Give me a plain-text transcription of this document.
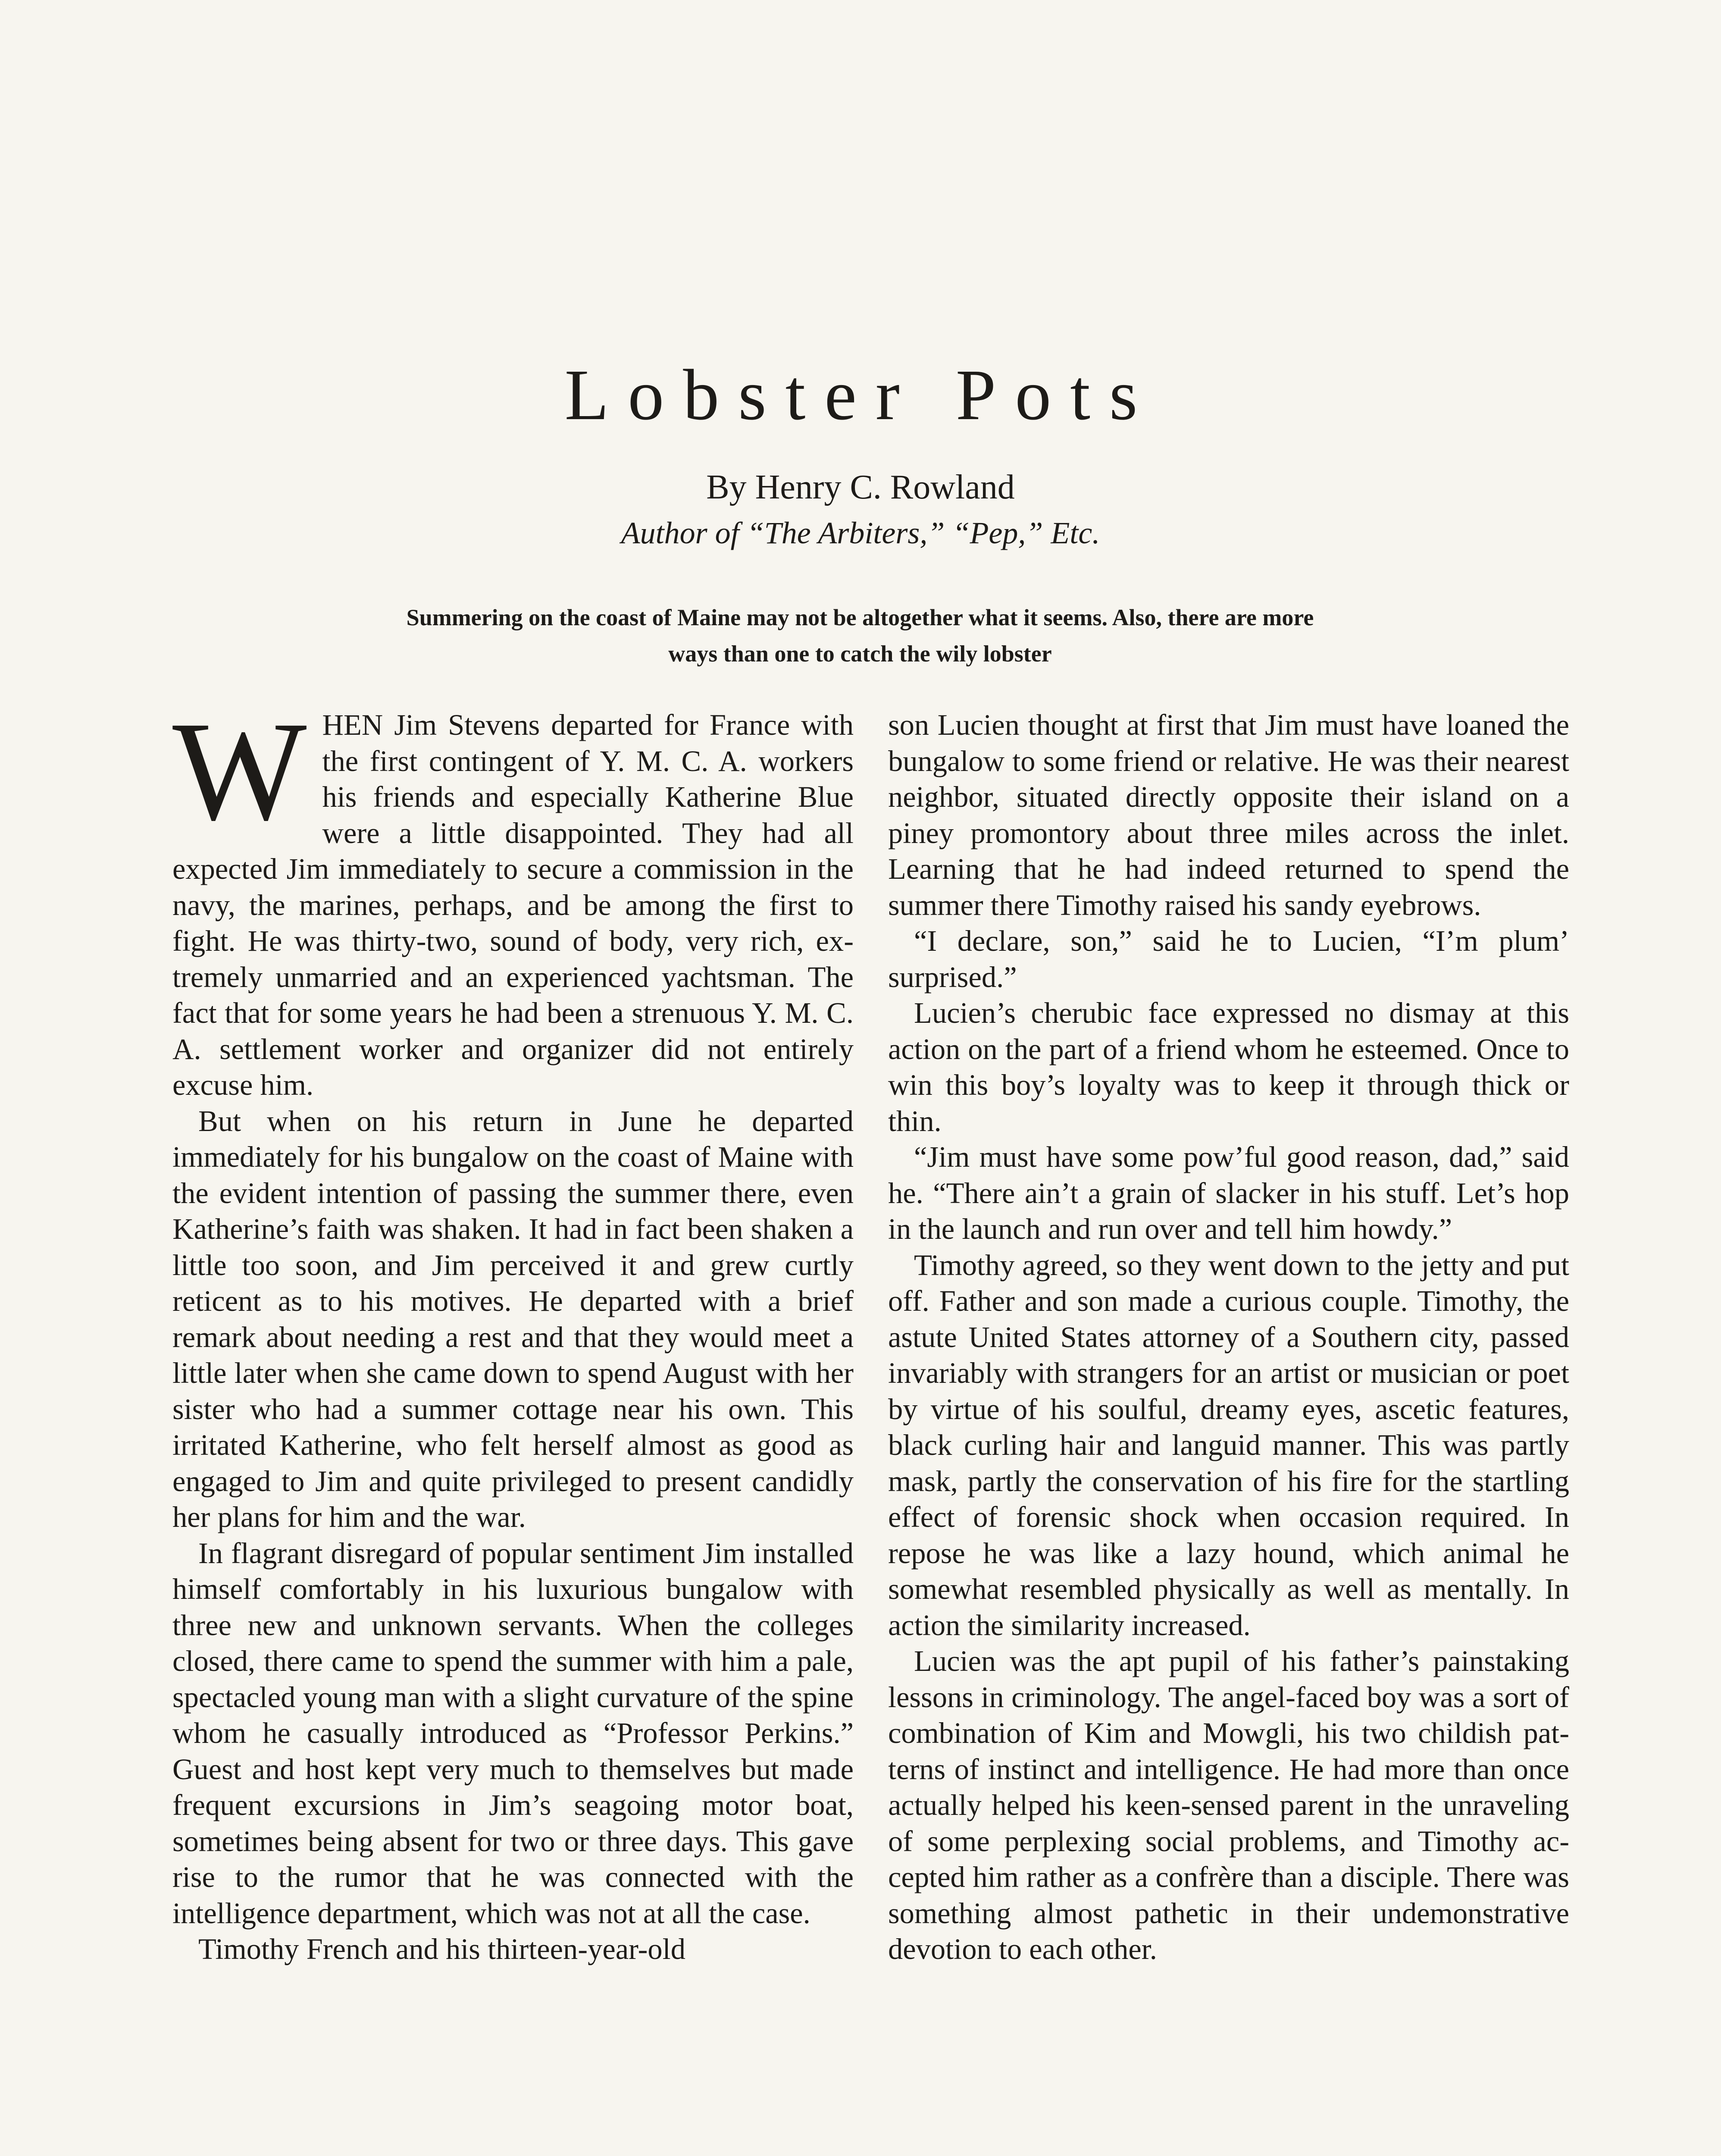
Lobster Pots
By Henry C. Rowland
Author of “The Arbiters,” “Pep,” Etc.
Summering on the coast of Maine may not be altogether what it seems. Also, there are more ways than one to catch the wily lobster

WHEN Jim Stevens departed for France with the first contingent of Y. M. C. A. workers his friends and especially Katherine Blue were a little disappointed. They had all expected Jim immediately to secure a commission in the navy, the marines, perhaps, and be among the first to fight. He was thirty-two, sound of body, very rich, extremely unmarried and an experienced yachtsman. The fact that for some years he had been a strenuous Y. M. C. A. settlement worker and organizer did not entirely excuse him.

But when on his return in June he departed immediately for his bungalow on the coast of Maine with the evident intention of passing the summer there, even Katherine’s faith was shaken. It had in fact been shaken a little too soon, and Jim perceived it and grew curtly reticent as to his motives. He departed with a brief remark about needing a rest and that they would meet a little later when she came down to spend August with her sister who had a summer cottage near his own. This irritated Katherine, who felt herself almost as good as engaged to Jim and quite privileged to present candidly her plans for him and the war.

In flagrant disregard of popular sentiment Jim installed himself comfortably in his luxurious bungalow with three new and unknown servants. When the colleges closed, there came to spend the summer with him a pale, spectacled young man with a slight curvature of the spine whom he casually introduced as “Professor Perkins.” Guest and host kept very much to themselves but made frequent excursions in Jim’s seagoing motor boat, sometimes being absent for two or three days. This gave rise to the rumor that he was connected with the intelligence department, which was not at all the case.

Timothy French and his thirteen-year-old

son Lucien thought at first that Jim must have loaned the bungalow to some friend or relative. He was their nearest neighbor, situated directly opposite their island on a piney promontory about three miles across the inlet. Learning that he had indeed returned to spend the summer there Timothy raised his sandy eyebrows.

“I declare, son,” said he to Lucien, “I’m plum’ surprised.”

Lucien’s cherubic face expressed no dismay at this action on the part of a friend whom he esteemed. Once to win this boy’s loyalty was to keep it through thick or thin.

“Jim must have some pow’ful good reason, dad,” said he. “There ain’t a grain of slacker in his stuff. Let’s hop in the launch and run over and tell him howdy.”

Timothy agreed, so they went down to the jetty and put off. Father and son made a curious couple. Timothy, the astute United States attorney of a Southern city, passed invariably with strangers for an artist or musician or poet by virtue of his soulful, dreamy eyes, ascetic features, black curling hair and languid manner. This was partly mask, partly the conservation of his fire for the startling effect of forensic shock when occasion required. In repose he was like a lazy hound, which animal he somewhat resembled physically as well as mentally. In action the similarity increased.

Lucien was the apt pupil of his father’s painstaking lessons in criminology. The angel-faced boy was a sort of combination of Kim and Mowgli, his two childish patterns of instinct and intelligence. He had more than once actually helped his keen-sensed parent in the unraveling of some perplexing social problems, and Timothy accepted him rather as a confrère than a disciple. There was something almost pathetic in their undemonstrative devotion to each other.
